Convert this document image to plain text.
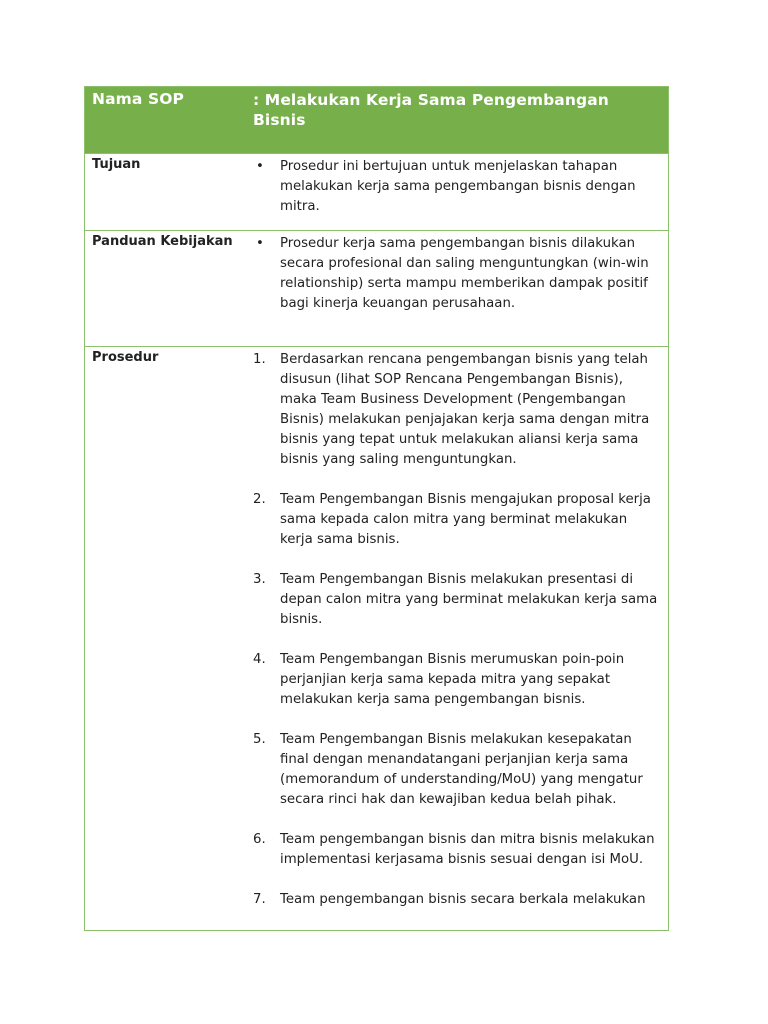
Nama SOP	: Melakukan Kerja Sama Pengembangan Bisnis
Tujuan	•	Prosedur ini bertujuan untuk menjelaskan tahapan melakukan kerja sama pengembangan bisnis dengan mitra.
Panduan Kebijakan	•	Prosedur kerja sama pengembangan bisnis dilakukan secara profesional dan saling menguntungkan (win-win relationship) serta mampu memberikan dampak positif bagi kinerja keuangan perusahaan.
Prosedur	1.	Berdasarkan rencana pengembangan bisnis yang telah disusun (lihat SOP Rencana Pengembangan Bisnis), maka Team Business Development (Pengembangan Bisnis) melakukan penjajakan kerja sama dengan mitra bisnis yang tepat untuk melakukan aliansi kerja sama bisnis yang saling menguntungkan.
2.	Team Pengembangan Bisnis mengajukan proposal kerja sama kepada calon mitra yang berminat melakukan kerja sama bisnis.
3.	Team Pengembangan Bisnis melakukan presentasi di depan calon mitra yang berminat melakukan kerja sama bisnis.
4.	Team Pengembangan Bisnis merumuskan poin-poin perjanjian kerja sama kepada mitra yang sepakat melakukan kerja sama pengembangan bisnis.
5.	Team Pengembangan Bisnis melakukan kesepakatan final dengan menandatangani perjanjian kerja sama (memorandum of understanding/MoU) yang mengatur secara rinci hak dan kewajiban kedua belah pihak.
6.	Team pengembangan bisnis dan mitra bisnis melakukan implementasi kerjasama bisnis sesuai dengan isi MoU.
7.	Team pengembangan bisnis secara berkala melakukan
